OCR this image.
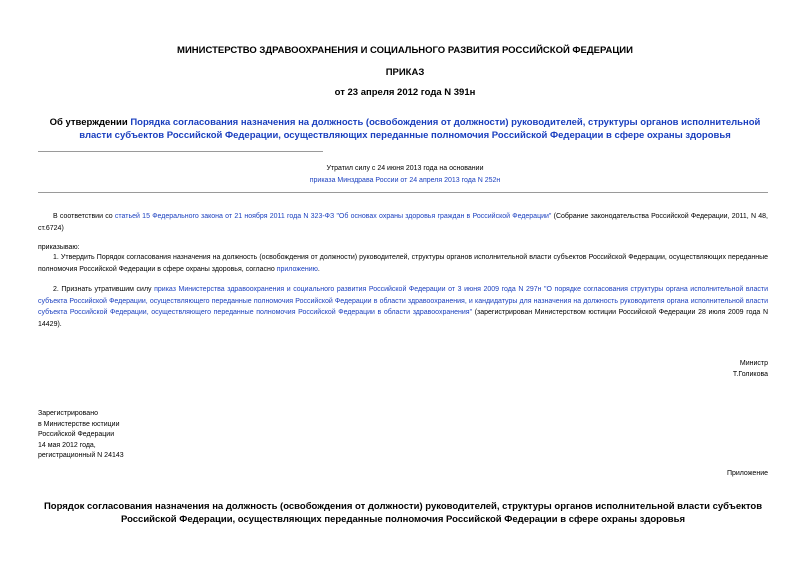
МИНИСТЕРСТВО ЗДРАВООХРАНЕНИЯ И СОЦИАЛЬНОГО РАЗВИТИЯ РОССИЙСКОЙ ФЕДЕРАЦИИ
ПРИКАЗ
от 23 апреля 2012 года N 391н
Об утверждении Порядка согласования назначения на должность (освобождения от должности) руководителей, структуры органов исполнительной власти субъектов Российской Федерации, осуществляющих переданные полномочия Российской Федерации в сфере охраны здоровья
Утратил силу с 24 июня 2013 года на основании
приказа Минздрава России от 24 апреля 2013 года N 252н
В соответствии со статьей 15 Федерального закона от 21 ноября 2011 года N 323-ФЗ "Об основах охраны здоровья граждан в Российской Федерации" (Собрание законодательства Российской Федерации, 2011, N 48, ст.6724)
приказываю:
1. Утвердить Порядок согласования назначения на должность (освобождения от должности) руководителей, структуры органов исполнительной власти субъектов Российской Федерации, осуществляющих переданные полномочия Российской Федерации в сфере охраны здоровья, согласно приложению.
2. Признать утратившим силу приказ Министерства здравоохранения и социального развития Российской Федерации от 3 июня 2009 года N 297н "О порядке согласования структуры органа исполнительной власти субъекта Российской Федерации, осуществляющего переданные полномочия Российской Федерации в области здравоохранения, и кандидатуры для назначения на должность руководителя органа исполнительной власти субъекта Российской Федерации, осуществляющего переданные полномочия Российской Федерации в области здравоохранения" (зарегистрирован Министерством юстиции Российской Федерации 28 июля 2009 года N 14429).
Министр
Т.Голикова
Зарегистрировано
в Министерстве юстиции
Российской Федерации
14 мая 2012 года,
регистрационный N 24143
Приложение
Порядок согласования назначения на должность (освобождения от должности) руководителей, структуры органов исполнительной власти субъектов Российской Федерации, осуществляющих переданные полномочия Российской Федерации в сфере охраны здоровья
